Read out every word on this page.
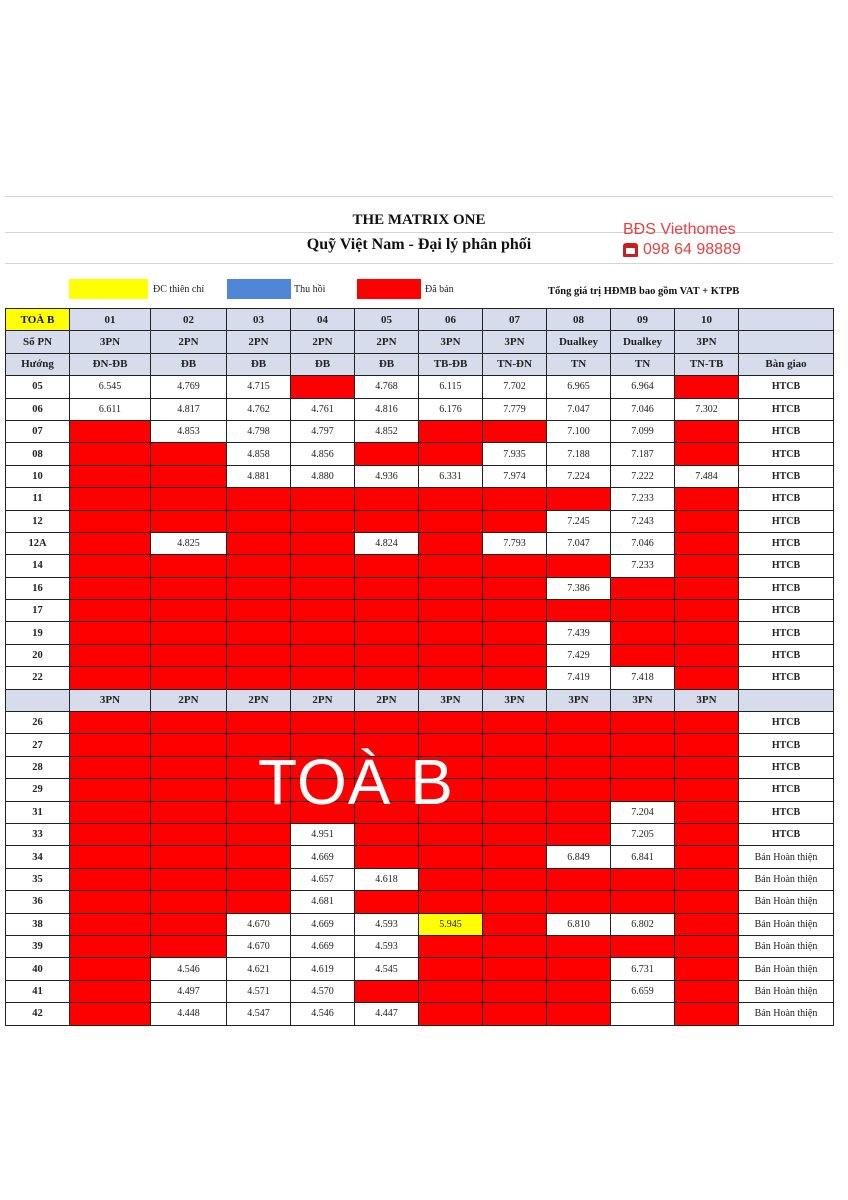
THE MATRIX ONE
Quỹ Việt Nam - Đại lý phân phối
BĐS Viethomes
098 64 98889
ĐC thiên chí	Thu hồi	Đã bán	Tổng giá trị HĐMB bao gồm VAT + KTPB
TOÀ B	01	02	03	04	05	06	07	08	09	10	
Số PN	3PN	2PN	2PN	2PN	2PN	3PN	3PN	Dualkey	Dualkey	3PN	
Hướng	ĐN-ĐB	ĐB	ĐB	ĐB	ĐB	TB-ĐB	TN-ĐN	TN	TN	TN-TB	Bàn giao
05	6.545	4.769	4.715		4.768	6.115	7.702	6.965	6.964		HTCB
06	6.611	4.817	4.762	4.761	4.816	6.176	7.779	7.047	7.046	7.302	HTCB
07		4.853	4.798	4.797	4.852			7.100	7.099		HTCB
08			4.858	4.856			7.935	7.188	7.187		HTCB
10			4.881	4.880	4.936	6.331	7.974	7.224	7.222	7.484	HTCB
11									7.233		HTCB
12								7.245	7.243		HTCB
12A		4.825			4.824		7.793	7.047	7.046		HTCB
14									7.233		HTCB
16								7.386			HTCB
17											HTCB
19								7.439			HTCB
20								7.429			HTCB
22								7.419	7.418		HTCB
	3PN	2PN	2PN	2PN	2PN	3PN	3PN	3PN	3PN	3PN	
26											HTCB
27											HTCB
28											HTCB
29											HTCB
31									7.204		HTCB
33				4.951					7.205		HTCB
34				4.669				6.849	6.841		Bán Hoàn thiện
35				4.657	4.618						Bán Hoàn thiện
36				4.681							Bán Hoàn thiện
38			4.670	4.669	4.593	5.945		6.810	6.802		Bán Hoàn thiện
39			4.670	4.669	4.593						Bán Hoàn thiện
40		4.546	4.621	4.619	4.545				6.731		Bán Hoàn thiện
41		4.497	4.571	4.570					6.659		Bán Hoàn thiện
42		4.448	4.547	4.546	4.447						Bán Hoàn thiện
TOÀ B
